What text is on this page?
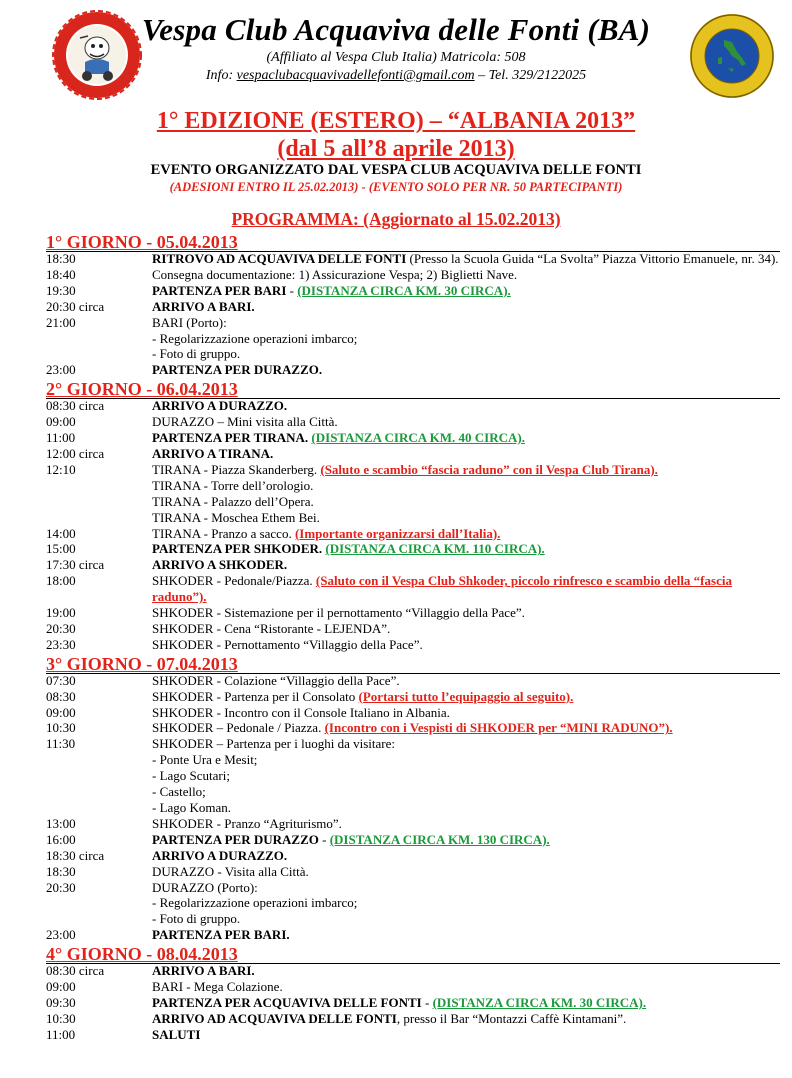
Vespa Club Acquaviva delle Fonti (BA)
(Affiliato al Vespa Club Italia) Matricola: 508
Info: vespaclubacquavivadellefonti@gmail.com – Tel. 329/2122025
1° EDIZIONE (ESTERO) – “ALBANIA 2013”
(dal 5 all’8 aprile 2013)
EVENTO ORGANIZZATO DAL VESPA CLUB ACQUAVIVA DELLE FONTI
(ADESIONI ENTRO IL 25.02.2013) - (EVENTO SOLO PER NR. 50 PARTECIPANTI)
PROGRAMMA: (Aggiornato al 15.02.2013)
1° GIORNO - 05.04.2013
18:30	RITROVO AD ACQUAVIVA DELLE FONTI (Presso la Scuola Guida “La Svolta” Piazza Vittorio Emanuele, nr. 34).
18:40	Consegna documentazione: 1) Assicurazione Vespa; 2) Biglietti Nave.
19:30	PARTENZA PER BARI - (DISTANZA CIRCA KM. 30 CIRCA).
20:30 circa	ARRIVO A BARI.
21:00	BARI (Porto):
- Regolarizzazione operazioni imbarco;
- Foto di gruppo.
23:00	PARTENZA PER DURAZZO.
2° GIORNO - 06.04.2013
08:30 circa	ARRIVO A DURAZZO.
09:00	DURAZZO – Mini visita alla Città.
11:00	PARTENZA PER TIRANA. (DISTANZA CIRCA KM. 40 CIRCA).
12:00 circa	ARRIVO A TIRANA.
12:10	TIRANA - Piazza Skanderberg. (Saluto e scambio “fascia raduno” con il Vespa Club Tirana).
TIRANA - Torre dell’orologio.
TIRANA - Palazzo dell’Opera.
TIRANA - Moschea Ethem Bei.
14:00	TIRANA - Pranzo a sacco. (Importante organizzarsi dall’Italia).
15:00	PARTENZA PER SHKODER. (DISTANZA CIRCA KM. 110 CIRCA).
17:30 circa	ARRIVO A SHKODER.
18:00	SHKODER - Pedonale/Piazza. (Saluto con il Vespa Club Shkoder, piccolo rinfresco e scambio della “fascia raduno”).
19:00	SHKODER - Sistemazione per il pernottamento “Villaggio della Pace”.
20:30	SHKODER - Cena “Ristorante - LEJENDA”.
23:30	SHKODER - Pernottamento “Villaggio della Pace”.
3° GIORNO - 07.04.2013
07:30	SHKODER - Colazione “Villaggio della Pace”.
08:30	SHKODER - Partenza per il Consolato (Portarsi tutto l’equipaggio al seguito).
09:00	SHKODER - Incontro con il Console Italiano in Albania.
10:30	SHKODER – Pedonale / Piazza. (Incontro con i Vespisti di SHKODER per “MINI RADUNO”).
11:30	SHKODER – Partenza per i luoghi da visitare:
- Ponte Ura e Mesit;
- Lago Scutari;
- Castello;
- Lago Koman.
13:00	SHKODER - Pranzo “Agriturismo”.
16:00	PARTENZA PER DURAZZO - (DISTANZA CIRCA KM. 130 CIRCA).
18:30 circa	ARRIVO A DURAZZO.
18:30	DURAZZO - Visita alla Città.
20:30	DURAZZO (Porto):
- Regolarizzazione operazioni imbarco;
- Foto di gruppo.
23:00	PARTENZA PER BARI.
4° GIORNO - 08.04.2013
08:30 circa	ARRIVO A BARI.
09:00	BARI - Mega Colazione.
09:30	PARTENZA PER ACQUAVIVA DELLE FONTI - (DISTANZA CIRCA KM. 30 CIRCA).
10:30	ARRIVO AD ACQUAVIVA DELLE FONTI, presso il Bar “Montazzi Caffè Kintamani”.
11:00	SALUTI
